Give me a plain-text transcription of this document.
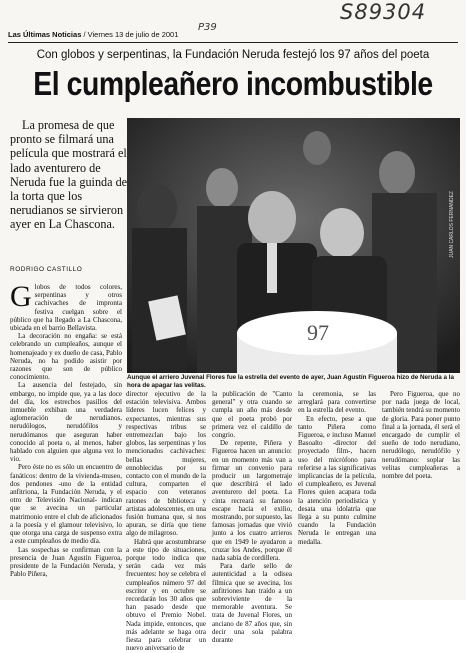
S89304
P39
Las Últimas Noticias / Viernes 13 de julio de 2001
Con globos y serpentinas, la Fundación Neruda festejó los 97 años del poeta
El cumpleañero incombustible
La promesa de que pronto se filmará una película que mostrará el lado aventurero de Neruda fue la guinda de la torta que los nerudianos se sirvieron ayer en La Chascona.
RODRIGO CASTILLO
97
JUAN CARLOS FERNANDEZ
Aunque el arriero Juvenal Flores fue la estrella del evento de ayer, Juan Agustín Figueroa hizo de Neruda a la hora de apagar las velitas.

Globos de todos colores, serpentinas y otros cachivaches de impronta festiva cuelgan sobre el público que ha llegado a La Chascona, ubicada en el barrio Bellavista.

La decoración no engaña: se está celebrando un cumpleaños, aunque el homenajeado y ex dueño de casa, Pablo Neruda, no ha podido asistir por razones que son de público conocimiento.

La ausencia del festejado, sin embargo, no impide que, ya a las doce del día, los estrechos pasillos del inmueble exhiban una verdadera aglomeración de nerudianos, nerudólogos, nerudófilos y nerudómanos que aseguran haber conocido al poeta o, al menos, haber hablado con alguien que alguna vez lo vio.

Pero éste no es sólo un encuentro de fanáticos: dentro de la vivienda-museo, dos pendones -uno de la entidad anfitriona, la Fundación Neruda, y el otro de Televisión Nacional- indican que se avecina un particular matrimonio entre el club de aficionados a la poesía y el glamour televisivo, lo que otorga una carga de suspenso extra a este cumpleaños de medio día.

Las sospechas se confirman con la presencia de Juan Agustín Figueroa, presidente de la Fundación Neruda, y Pablo Piñera,

director ejecutivo de la estación televisiva. Ambos líderes lucen felices y expectantes, mientras sus respectivas tribus se entremezclan bajo los globos, las serpentinas y los mencionados cachivaches: bellas mujeres, ennoblecidas por su contacto con el mundo de la cultura, comparten el espacio con veteranos ratones de biblioteca y artistas adolescentes, en una fusión humana que, si nos apuran, se diría que tiene algo de milagroso.

Habrá que acostumbrarse a este tipo de situaciones, porque todo indica que serán cada vez más frecuentes: hoy se celebra el cumpleaños número 97 del escritor y en octubre se recordarán los 30 años que han pasado desde que obtuvo el Premio Nobel. Nada impide, entonces, que más adelante se haga otra fiesta para celebrar un nuevo aniversario de

la publicación de "Canto general" y otra cuando se cumpla un año más desde que el poeta probó por primera vez el caldillo de congrio.

De repente, Piñera y Figueroa hacen un anuncio: en un momento más van a firmar un convenio para producir un largometraje que describirá el lado aventurero del poeta. La cinta recreará su famoso escape hacia el exilio, mostrando, por supuesto, las famosas jornadas que vivió junto a los cuatro arrieros que en 1949 le ayudaron a cruzar los Andes, porque él nada sabía de cordillera.

Para darle sello de autenticidad a la odisea fílmica que se avecina, los anfitriones han traído a un sobreviviente de la memorable aventura. Se trata de Juvenal Flores, un anciano de 87 años que, sin decir una sola palabra durante

la ceremonia, se las arreglará para convertirse en la estrella del evento.

En efecto, pese a que tanto Piñera como Figueroa, e incluso Manuel Basoalto -director del proyectado film-, hacen uso del micrófono para referirse a las significativas implicancias de la película, el cumpleañero, es Juvenal Flores quien acapara toda la atención periodística y desata una idolatría que llega a su punto culmine cuando la Fundación Neruda le entregan una medalla.

Pero Figueroa, que no por nada juega de local, también tendrá su momento de gloria. Para poner punto final a la jornada, él será el encargado de cumplir el sueño de todo nerudiano, nerudólogo, nerudófilo y nerudómano: soplar las velitas cumpleañeras a nombre del poeta.
